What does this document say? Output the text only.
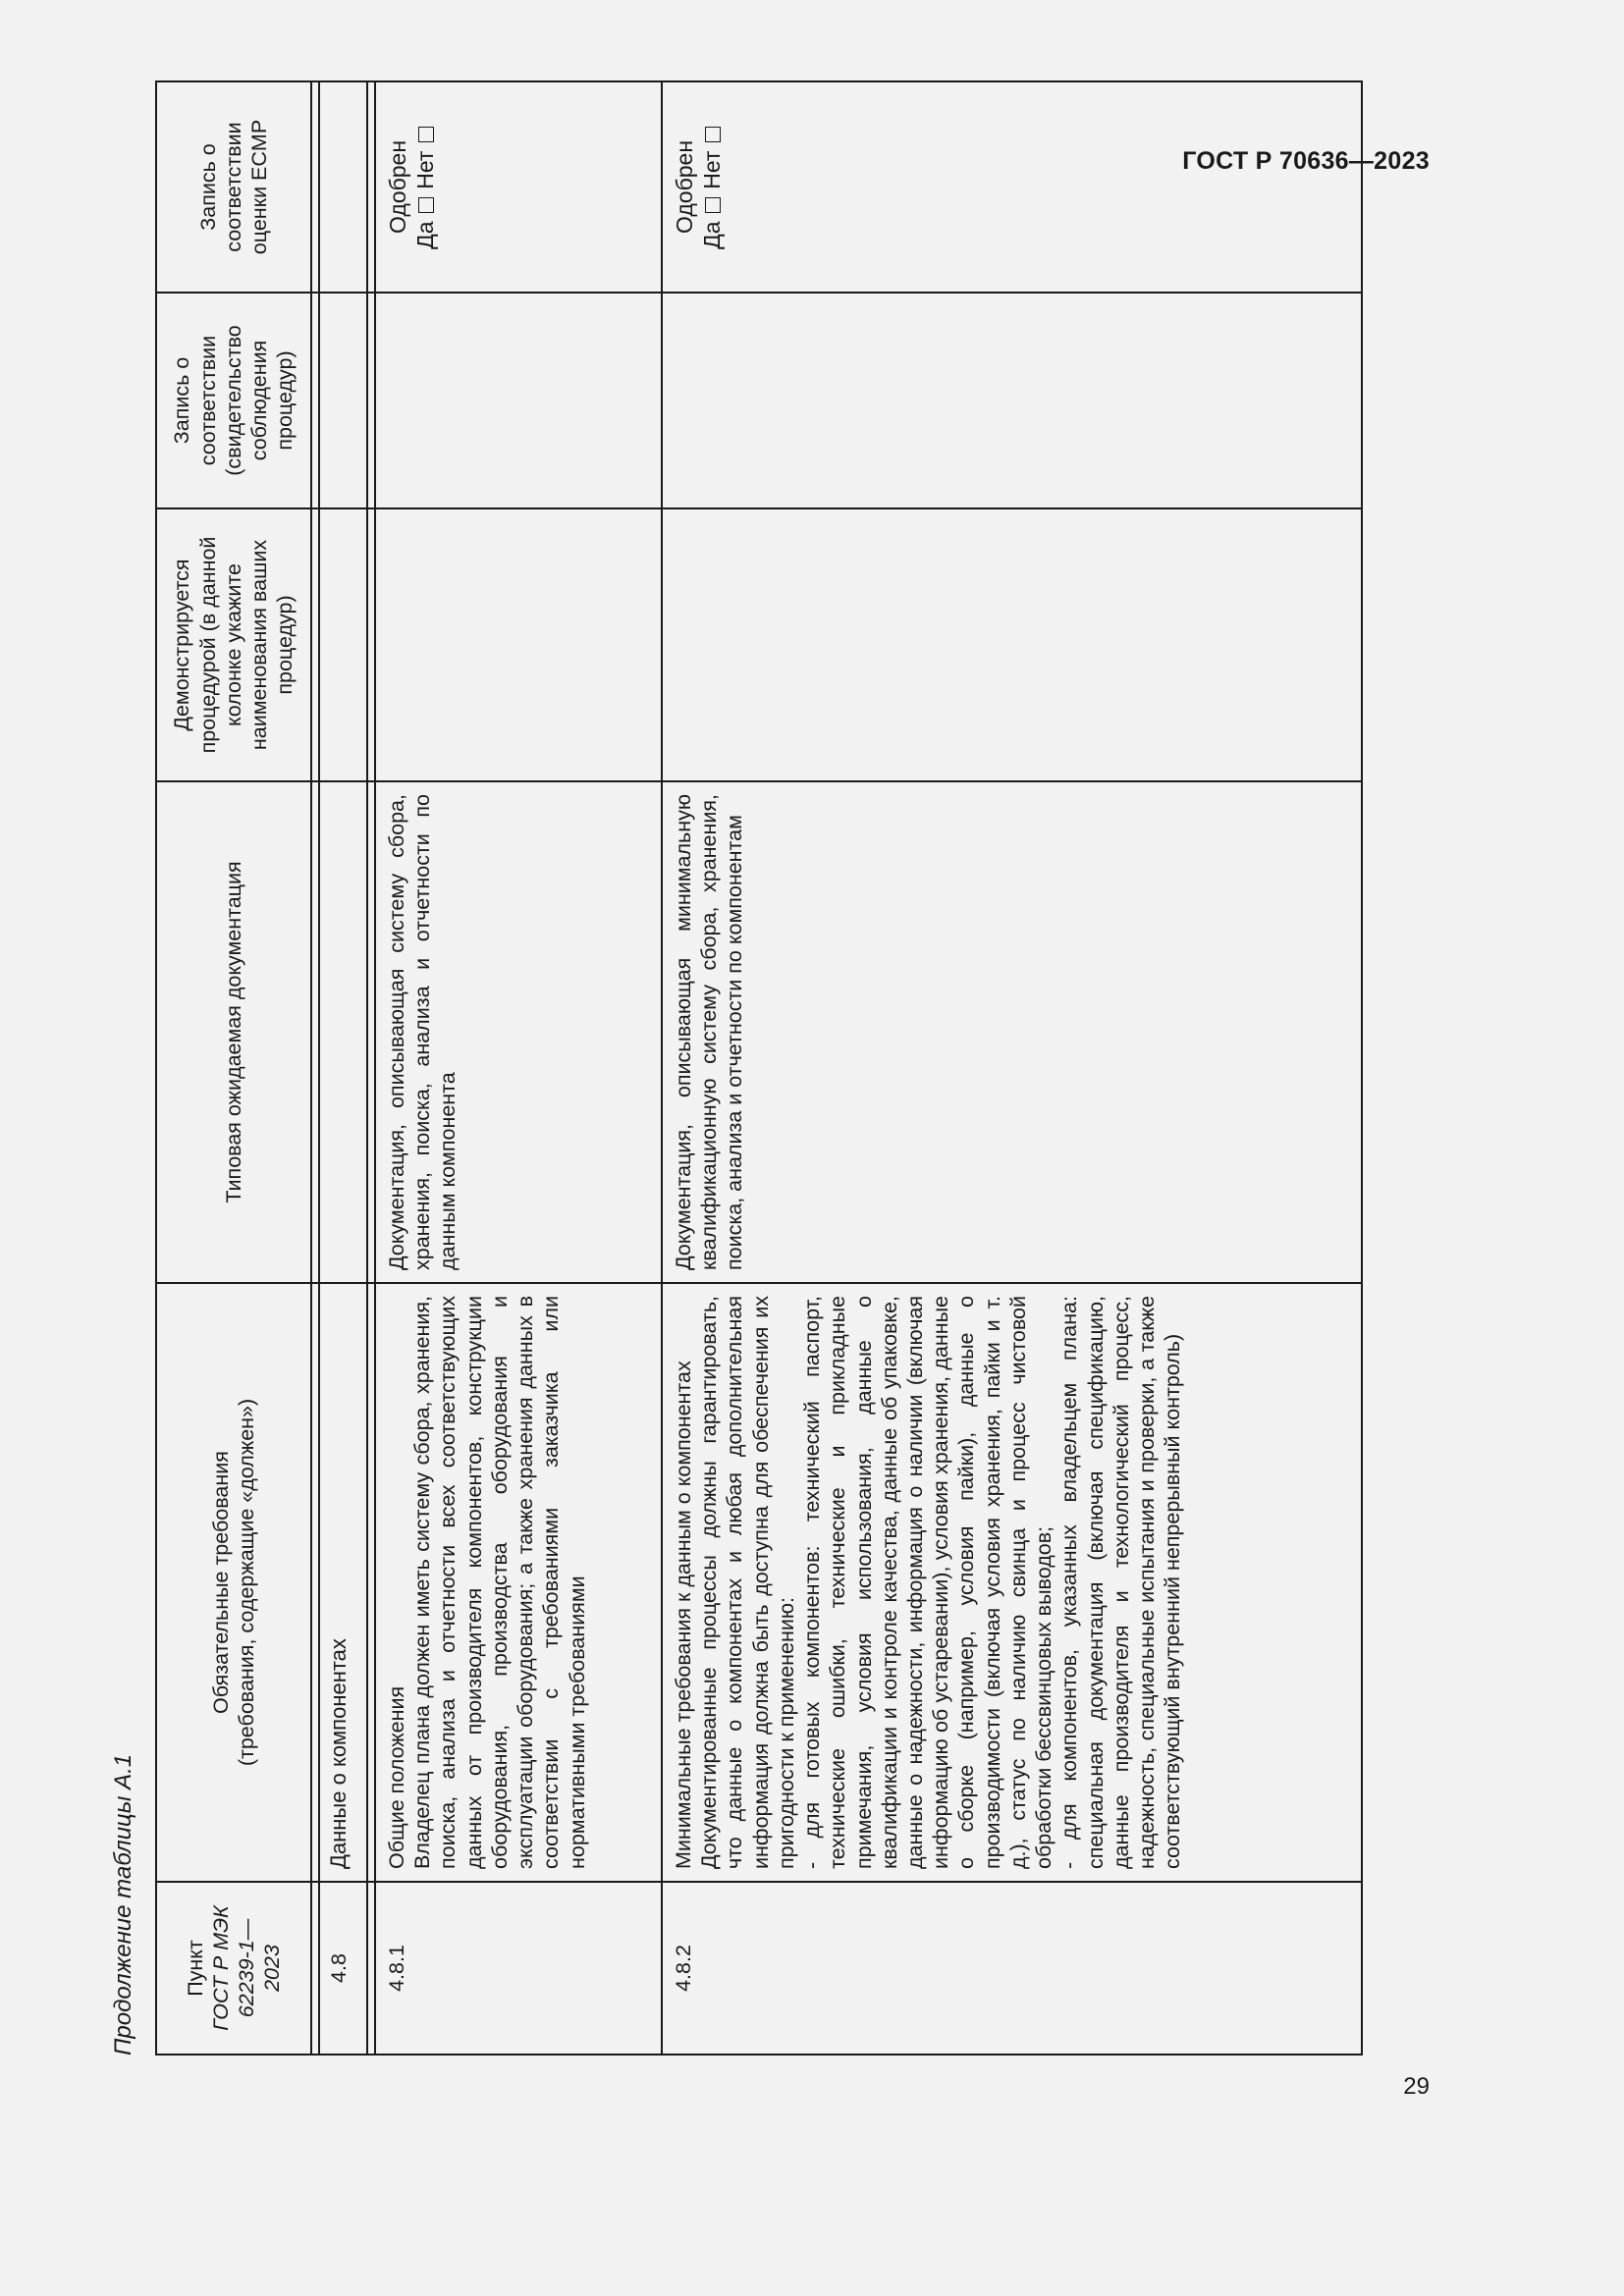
ГОСТ Р 70636—2023
Продолжение таблицы А.1 Пункт ГОСТ Р МЭК 62239-1— 2023	Обязательные требования (требования, содержащие «должен»)	Типовая ожидаемая документация	Демонстрируется процедурой (в данной колонке укажите наименования ваших процедур)	Запись о соответствии (свидетельство соблюдения процедур)	Запись о соответствии оценки ECMP

4.8	Данные о компонентах				

4.8.1	Общие положения Владелец плана должен иметь систему сбора, хранения, поиска, анализа и отчетности всех соответствующих данных от производителя компонентов, конструкции оборудования, производства оборудования и эксплуатации оборудования; а также хранения данных в соответствии с требованиями заказчика или нормативными требованиями	Документация, описывающая систему сбора, хранения, поиска, анализа и отчетности по данным компонента			Одобрен
Да  Нет
4.8.2	Минимальные требования к данным о компонентах Документированные процессы должны гарантировать, что данные о компонентах и любая дополнительная информация должна быть доступна для обеспечения их пригодности к применению: - для готовых компонентов: технический паспорт, технические ошибки, технические и прикладные примечания, условия использования, данные о квалификации и контроле качества, данные об упаковке, данные о надежности, информация о наличии (включая информацию об устаревании), условия хранения, данные о сборке (например, условия пайки), данные о производимости (включая условия хранения, пайки и т. д.), статус по наличию свинца и процесс чистовой обработки бессвинцовых выводов; - для компонентов, указанных владельцем плана: специальная документация (включая спецификацию, данные производителя и технологический процесс, надежность, специальные испытания и проверки, а также соответствующий внутренний непрерывный контроль)	Документация, описывающая минимальную квалификационную систему сбора, хранения, поиска, анализа и отчетности по компонентам			Одобрен
Да  Нет
29
